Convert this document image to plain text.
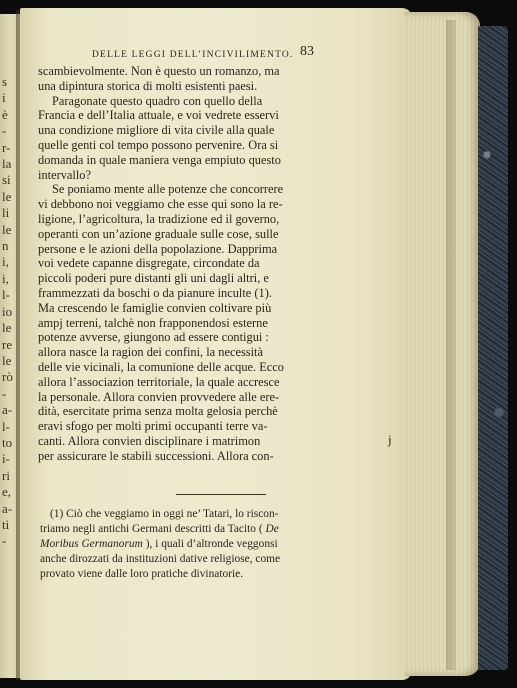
s
i
è
-
r-
la
si
le
li
le
n
i,
i,
l-
io
le
re
le
rò
-
a-
l-
to
i-
ri
e,
a-
ti
-
DELLE LEGGI DELL’INCIVILIMENTO. 83
scambievolmente. Non è questo un romanzo, ma
una dipintura storica di molti esistenti paesi.
Paragonate questo quadro con quello della
Francia e dell’Italia attuale, e voi vedrete esservi
una condizione migliore di vita civile alla quale
quelle genti col tempo possono pervenire. Ora si
domanda in quale maniera venga empiuto questo
intervallo?
Se poniamo mente alle potenze che concorrere
vi debbono noi veggiamo che esse qui sono la re-
ligione, l’agricoltura, la tradizione ed il governo,
operanti con un’azione graduale sulle cose, sulle
persone e le azioni della popolazione. Dapprima
voi vedete capanne disgregate, circondate da
piccoli poderi pure distanti gli uni dagli altri, e
frammezzati da boschi o da pianure inculte (1).
Ma crescendo le famiglie convien coltivare più
ampj terreni, talchè non frapponendosi esterne
potenze avverse, giungono ad essere contigui :
allora nasce la ragion dei confini, la necessità
delle vie vicinali, la comunione delle acque. Ecco
allora l’associazion territoriale, la quale accresce
la personale. Allora convien provvedere alle ere-
dità, esercitate prima senza molta gelosia perchè
eravi sfogo per molti primi occupanti terre va-
canti. Allora convien disciplinare i matrimon
per assicurare le stabili successioni. Allora con-
(1) Ciò che veggiamo in oggi ne’ Tatari, lo riscon-
triamo negli antichi Germani descritti da Tacito ( De
Moribus Germanorum ), i quali d’altronde veggonsi
anche dirozzati da instituzioni dative religiose, come
provato viene dalle loro pratiche divinatorie.
j
